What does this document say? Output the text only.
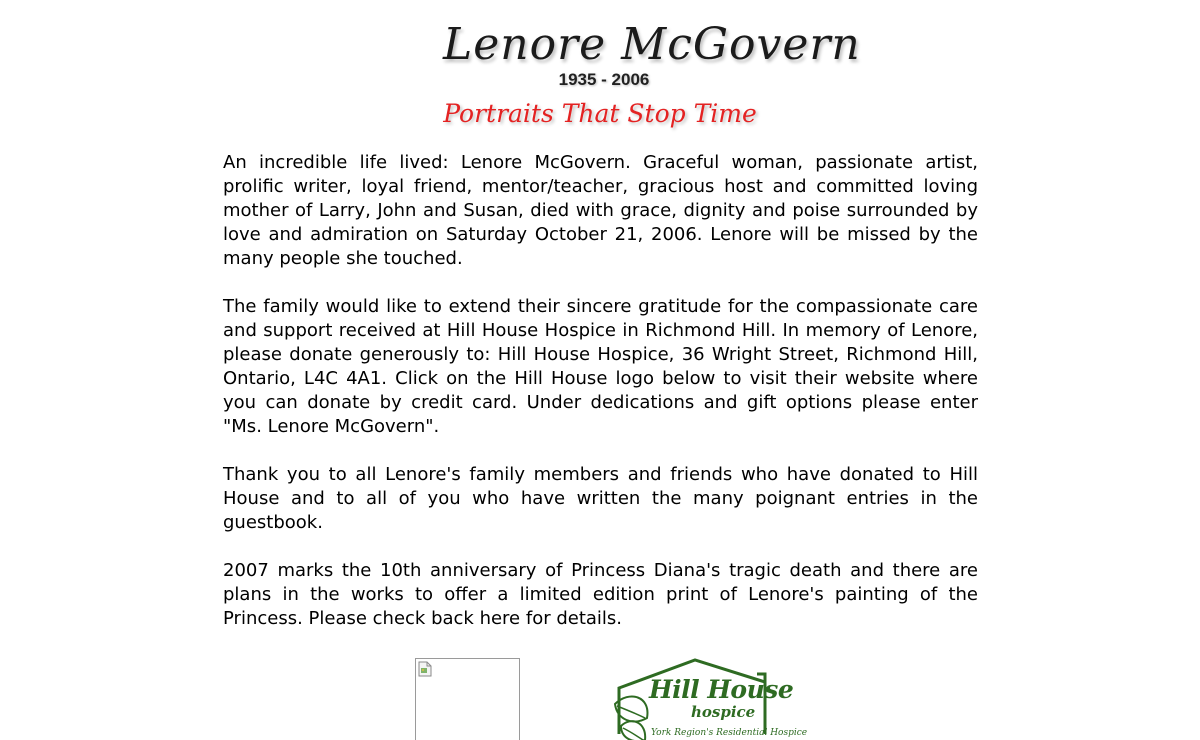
Lenore McGovern
1935 - 2006
Portraits That Stop Time

An incredible life lived: Lenore McGovern. Graceful woman, passionate artist, prolific writer, loyal friend, mentor/teacher, gracious host and committed loving mother of Larry, John and Susan, died with grace, dignity and poise surrounded by love and admiration on Saturday October 21, 2006. Lenore will be missed by the many people she touched.

The family would like to extend their sincere gratitude for the compassionate care and support received at Hill House Hospice in Richmond Hill. In memory of Lenore, please donate generously to: Hill House Hospice, 36 Wright Street, Richmond Hill, Ontario, L4C 4A1. Click on the Hill House logo below to visit their website where you can donate by credit card. Under dedications and gift options please enter "Ms. Lenore McGovern".

Thank you to all Lenore's family members and friends who have donated to Hill House and to all of you who have written the many poignant entries in the guestbook.

2007 marks the 10th anniversary of Princess Diana's tragic death and there are plans in the works to offer a limited edition print of Lenore's painting of the Princess. Please check back here for details.

Hill House
hospice
York Region's Residential Hospice
